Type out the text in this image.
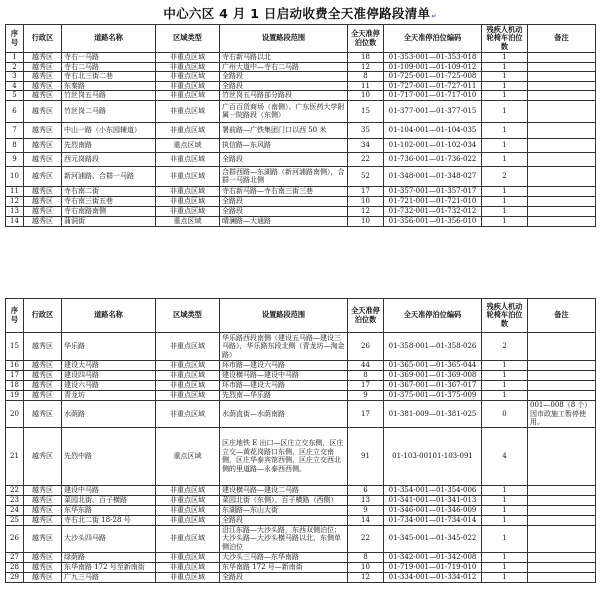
中心六区 4 月 1 日启动收费全天准停路段清单↵
序号	行政区	道路名称	区域类型	设置路段范围	全天准停泊位数	全天准停泊位编码	残疾人机动轮椅车泊位数	备注
1	越秀区	寺右一马路	非重点区域	寺右新马路以北	18	01-353-001—01-353-018	1	
2	越秀区	寺右二马路	非重点区域	广州大道中—寺右二马路	12	01-109-001—01-109-012	1	
3	越秀区	寺右北三街二巷	非重点区域	全路段	8	01-725-001—01-725-008	1	
4	越秀区	东秦路	非重点区域	全路段	11	01-727-001—01-727-011	1	
5	越秀区	竹丝岗五马路	非重点区域	竹丝岗五马路部分路段	10	01-717-001—01-717-010	1	
6	越秀区	竹丝岗二马路	非重点区域	广百百货商场（南侧）、广东医药大学附属一院路段（东侧）	15	01-377-001—01-377-015	1	
7	越秀区	中山一路（小东园辅道）	非重点区域	署前路—广铁集团门口以西 50 米	35	01-104-001—01-104-035	1	
8	越秀区	先烈南路	重点区域	执信路—东风路	34	01-102-001—01-102-034	1	
9	越秀区	西元岗路段	非重点区域	全路段	22	01-736-001—01-736-022	1	
10	越秀区	新河浦路、合群一马路	非重点区域	合群西路—东湖路（新河浦路南侧），合群一马路北侧	52	01-348-001—01-348-027	2	
11	越秀区	寺右南二街	非重点区域	寺右新马路—寺右南三街三巷	17	01-357-001—01-357-017	1	
12	越秀区	寺右南三街五巷	非重点区域	全路段	10	01-721-001—01-721-010	1	
13	越秀区	寺右南路南侧	非重点区域	全路段	12	01-732-001—01-732-012	1	
14	越秀区	蒲洞街	重点区域	晴澜路—大通路	10	01-356-001—01-356-010	1	
序号	行政区	道路名称	区域类型	设置路段范围	全天准停泊位数	全天准停泊位编码	残疾人机动轮椅车泊位数	备注
15	越秀区	华乐路	非重点区域	华乐路西段南侧（建设五马路—建设三马路），华乐路东段北侧（青龙坊—淘金路）	26	01-358-001—01-358-026	2	
16	越秀区	建设大马路	非重点区域	环市路—建设六马路	44	01-365-001—01-365-044	1	
17	越秀区	建设四马路	非重点区域	建设横马路—建设中马路	8	01-369-001—01-369-008	1	
18	越秀区	建设六马路	非重点区域	环市路—建设大马路	17	01-367-001—01-367-017	1	
19	越秀区	青龙坊	非重点区域	先烈南—华乐路	9	01-375-001—01-375-009	1	
20	越秀区	水荫路	非重点区域	水荫直街—水荫南路	17	01-381-009—01-381-025	0	001—008（8 个）因市政施工暂停使用。
21	越秀区	先烈中路	重点区域	区庄地铁 E 出口—区庄立交东侧，区庄立交—黄花岗路口东侧，区庄立交南侧，区庄华泰宾馆西侧，区庄立交西北侧的里道路—永泰西西侧。	91	01-103-00101-103-091	4	
22	越秀区	建设中马路	非重点区域	建设横马路—建设二马路	6	01-354-001—01-354-006	1	
23	越秀区	菜园北街、百子横路	非重点区域	菜园北街（东侧）、百子横路（西侧）	13	01-341-001—01-341-013	1	
24	越秀区	东华东路	非重点区域	东湖路—东山大街	9	01-346-001—01-346-009	1	
25	越秀区	寺右北二街 18-28 号	非重点区域	全路段	14	01-734-001—01-734-014	1	
26	越秀区	大沙头四马路	非重点区域	沿江东路—大沙头路，东西双侧泊位；大沙头路—大沙头横马路以北，东侧单侧泊位	22	01-345-001—01-345-022	1	
27	越秀区	绿荫路	非重点区域	大沙头三马路—东华南路	8	01-342-001—01-342-008	1	
28	越秀区	东华南路 172 号至新南街	非重点区域	东华南路 172 号—新南街	10	01-719-001—01-719-010	1	
29	越秀区	广九三马路	非重点区域	全路段	12	01-334-001—01-334-012	1	
